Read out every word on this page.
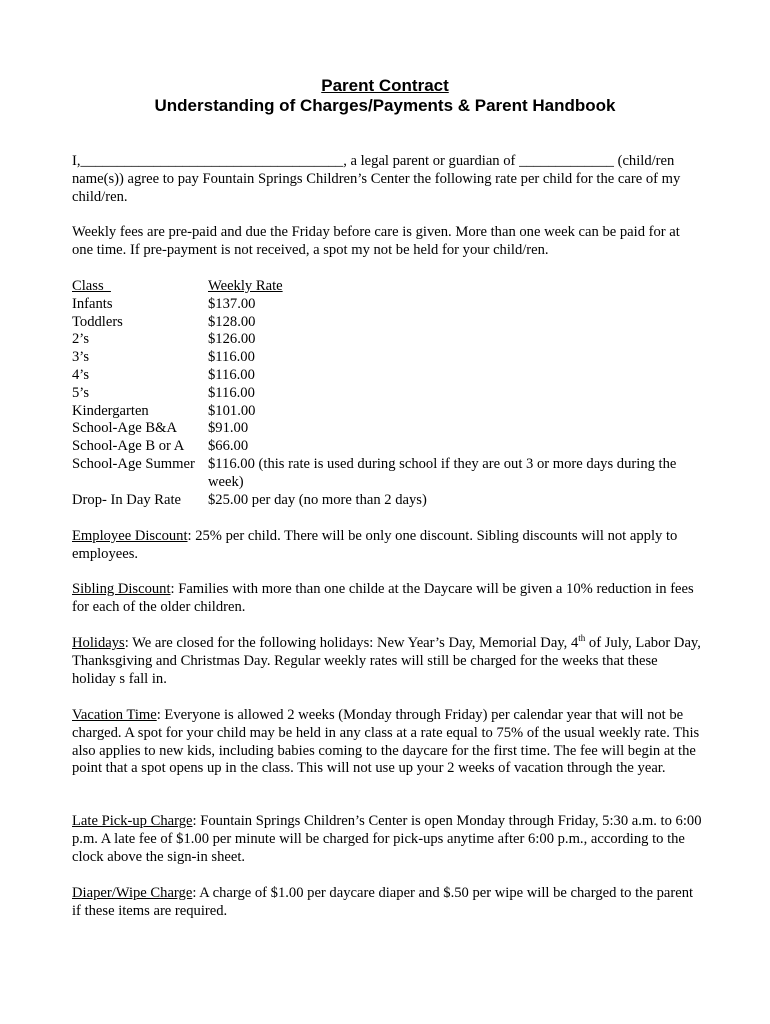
Parent Contract
Understanding of Charges/Payments & Parent Handbook

I,____________________________________, a legal parent or guardian of _____________ (child/ren name(s)) agree to pay Fountain Springs Children’s Center the following rate per child for the care of my child/ren.

Weekly fees are pre-paid and due the Friday before care is given. More than one week can be paid for at one time. If pre-payment is not received, a spot my not be held for your child/ren.

Class	Weekly Rate
Infants	$137.00
Toddlers	$128.00
2’s	$126.00
3’s	$116.00
4’s	$116.00
5’s	$116.00
Kindergarten	$101.00
School-Age B&A $91.00
School-Age B or A $66.00
School-Age Summer $116.00 (this rate is used during school if they are out 3 or more days during the week)
Drop- In Day Rate $25.00 per day (no more than 2 days)

Employee Discount: 25% per child. There will be only one discount. Sibling discounts will not apply to employees.

Sibling Discount: Families with more than one childe at the Daycare will be given a 10% reduction in fees for each of the older children.

Holidays: We are closed for the following holidays: New Year’s Day, Memorial Day, 4th of July, Labor Day, Thanksgiving and Christmas Day. Regular weekly rates will still be charged for the weeks that these holiday s fall in.

Vacation Time: Everyone is allowed 2 weeks (Monday through Friday) per calendar year that will not be charged. A spot for your child may be held in any class at a rate equal to 75% of the usual weekly rate. This also applies to new kids, including babies coming to the daycare for the first time. The fee will begin at the point that a spot opens up in the class. This will not use up your 2 weeks of vacation through the year.

Late Pick-up Charge: Fountain Springs Children’s Center is open Monday through Friday, 5:30 a.m. to 6:00 p.m. A late fee of $1.00 per minute will be charged for pick-ups anytime after 6:00 p.m., according to the clock above the sign-in sheet.

Diaper/Wipe Charge: A charge of $1.00 per daycare diaper and $.50 per wipe will be charged to the parent if these items are required.
